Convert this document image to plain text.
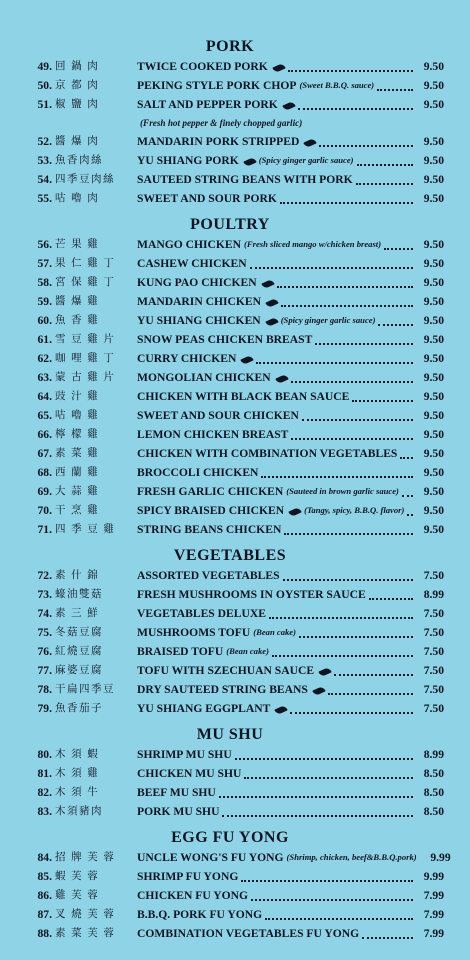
PORK
49. 回 鍋 肉	TWICE COOKED PORK	9.50
50. 京 都 肉	PEKING STYLE PORK CHOP (Sweet B.B.Q. sauce)	9.50
51. 椒 鹽 肉	SALT AND PEPPER PORK	9.50
(Fresh hot pepper & finely chopped garlic)
52. 醬 爆 肉	MANDARIN PORK STRIPPED	9.50
53. 魚香肉絲	YU SHIANG PORK	(Spicy ginger garlic sauce)	9.50
54. 四季豆肉絲	SAUTEED STRING BEANS WITH PORK	9.50
55. 咕 嚕 肉	SWEET AND SOUR PORK	9.50
POULTRY
56. 芒 果 雞	MANGO CHICKEN (Fresh sliced mango w/chicken breast)	9.50
57. 果 仁 雞 丁	CASHEW CHICKEN	9.50
58. 宮 保 雞 丁	KUNG PAO CHICKEN	9.50
59. 醬 爆 雞	MANDARIN CHICKEN	9.50
60. 魚 香 雞	YU SHIANG CHICKEN	(Spicy ginger garlic sauce)	9.50
61. 雪 豆 雞 片	SNOW PEAS CHICKEN BREAST	9.50
62. 咖 哩 雞 丁	CURRY CHICKEN	9.50
63. 蒙 古 雞 片	MONGOLIAN CHICKEN	9.50
64. 豉 汁 雞	CHICKEN WITH BLACK BEAN SAUCE	9.50
65. 咕 嚕 雞	SWEET AND SOUR CHICKEN	9.50
66. 檸 檬 雞	LEMON CHICKEN BREAST	9.50
67. 素 菜 雞	CHICKEN WITH COMBINATION VEGETABLES	9.50
68. 西 蘭 雞	BROCCOLI CHICKEN	9.50
69. 大 蒜 雞	FRESH GARLIC CHICKEN (Sauteed in brown garlic sauce)	9.50
70. 干 烹 雞	SPICY BRAISED CHICKEN	(Tangy, spicy, B.B.Q. flavor)	9.50
71. 四 季 豆 雞	STRING BEANS CHICKEN	9.50
VEGETABLES
72. 素 什 錦	ASSORTED VEGETABLES	7.50
73. 蠔油雙菇	FRESH MUSHROOMS IN OYSTER SAUCE	8.99
74. 素 三 鮮	VEGETABLES DELUXE	7.50
75. 冬菇豆腐	MUSHROOMS TOFU (Bean cake)	7.50
76. 紅燒豆腐	BRAISED TOFU (Bean cake)	7.50
77. 麻婆豆腐	TOFU WITH SZECHUAN SAUCE	7.50
78. 干扁四季豆	DRY SAUTEED STRING BEANS	7.50
79. 魚香茄子	YU SHIANG EGGPLANT	7.50
MU SHU
80. 木 須 蝦	SHRIMP MU SHU	8.99
81. 木 須 雞	CHICKEN MU SHU	8.50
82. 木 須 牛	BEEF MU SHU	8.50
83. 木須豬肉	PORK MU SHU	8.50
EGG FU YONG
84. 招 牌 芙 蓉	UNCLE WONG'S FU YONG (Shrimp, chicken, beef&B.B.Q.pork)	9.99
85. 蝦 芙 蓉	SHRIMP FU YONG	9.99
86. 雞 芙 蓉	CHICKEN FU YONG	7.99
87. 叉 燒 芙 蓉	B.B.Q. PORK FU YONG	7.99
88. 素 菜 芙 蓉	COMBINATION VEGETABLES FU YONG	7.99
